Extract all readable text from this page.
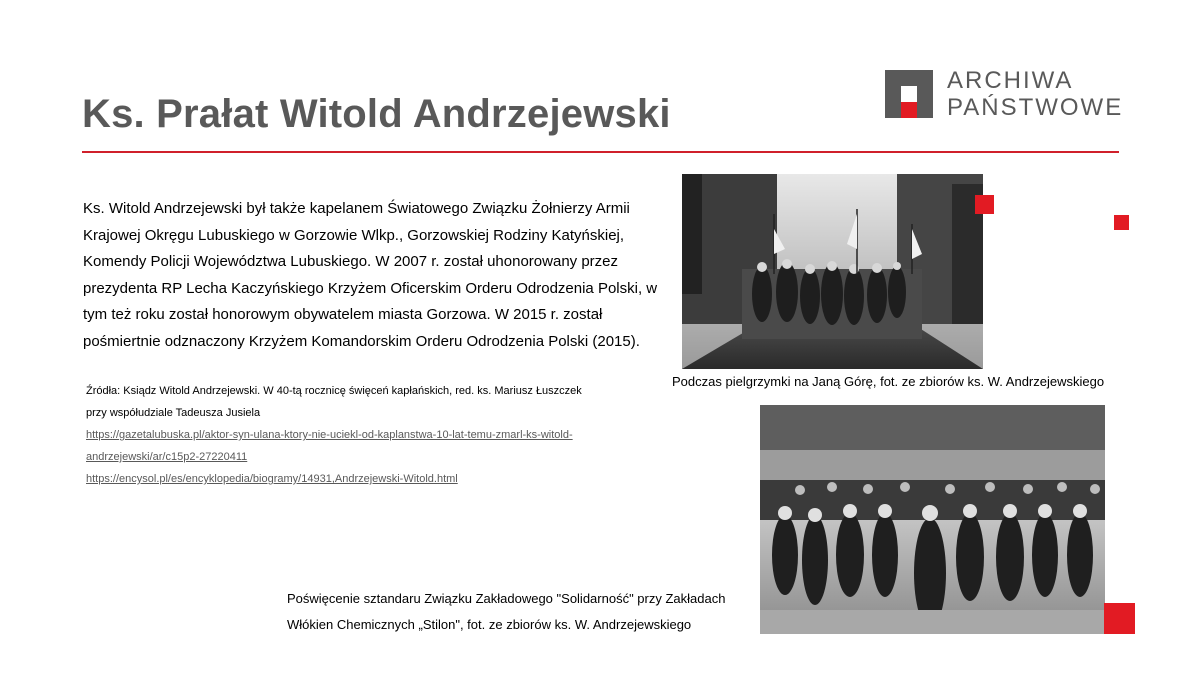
Ks. Prałat Witold Andrzejewski
ARCHIWA
PAŃSTWOWE

Ks. Witold Andrzejewski był także kapelanem Światowego Związku Żołnierzy Armii Krajowej Okręgu Lubuskiego w Gorzowie Wlkp., Gorzowskiej Rodziny Katyńskiej, Komendy Policji Województwa Lubuskiego. W 2007 r. został uhonorowany przez prezydenta RP Lecha Kaczyńskiego Krzyżem Oficerskim Orderu Odrodzenia Polski, w tym też roku został honorowym obywatelem miasta Gorzowa. W 2015 r. został pośmiertnie odznaczony Krzyżem Komandorskim Orderu Odrodzenia Polski (2015).

Źródła: Ksiądz Witold Andrzejewski. W 40-tą rocznicę święceń kapłańskich, red. ks. Mariusz Łuszczek
przy współudziale Tadeusza Jusiela
https://gazetalubuska.pl/aktor-syn-ulana-ktory-nie-uciekl-od-kaplanstwa-10-lat-temu-zmarl-ks-witold-
andrzejewski/ar/c15p2-27220411
https://encysol.pl/es/encyklopedia/biogramy/14931,Andrzejewski-Witold.html
Podczas pielgrzymki na Janą Górę, fot. ze zbiorów ks. W. Andrzejewskiego
Poświęcenie sztandaru Związku Zakładowego "Solidarność" przy Zakładach
Włókien Chemicznych „Stilon", fot. ze zbiorów ks. W. Andrzejewskiego
